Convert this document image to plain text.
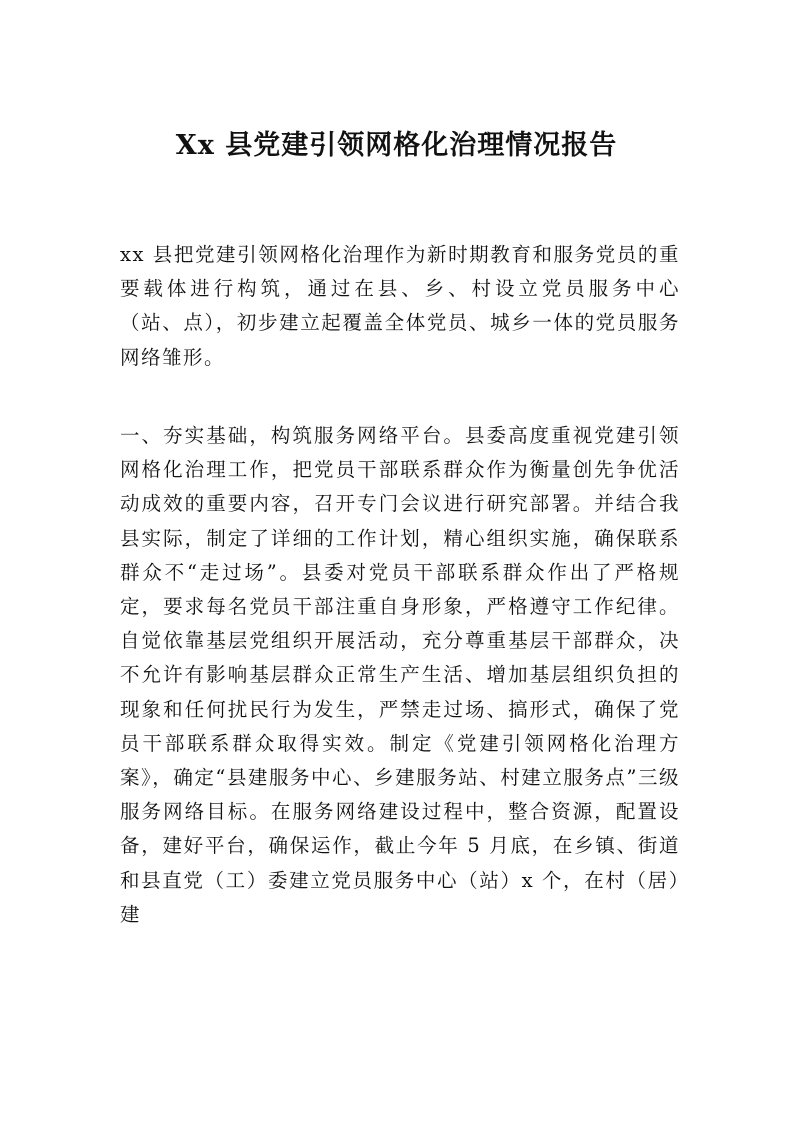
Xx 县党建引领网格化治理情况报告

xx 县把党建引领网格化治理作为新时期教育和服务党员的重要载体进行构筑，通过在县、乡、村设立党员服务中心（站、点），初步建立起覆盖全体党员、城乡一体的党员服务网络雏形。

一、夯实基础，构筑服务网络平台。县委高度重视党建引领网格化治理工作，把党员干部联系群众作为衡量创先争优活动成效的重要内容，召开专门会议进行研究部署。并结合我县实际，制定了详细的工作计划，精心组织实施，确保联系群众不“走过场”。县委对党员干部联系群众作出了严格规定，要求每名党员干部注重自身形象，严格遵守工作纪律。自觉依靠基层党组织开展活动，充分尊重基层干部群众，决不允许有影响基层群众正常生产生活、增加基层组织负担的现象和任何扰民行为发生，严禁走过场、搞形式，确保了党员干部联系群众取得实效。制定《党建引领网格化治理方案》，确定“县建服务中心、乡建服务站、村建立服务点”三级服务网络目标。在服务网络建设过程中，整合资源，配置设备，建好平台，确保运作，截止今年 5 月底，在乡镇、街道和县直党（工）委建立党员服务中心（站）x 个，在村（居）建
